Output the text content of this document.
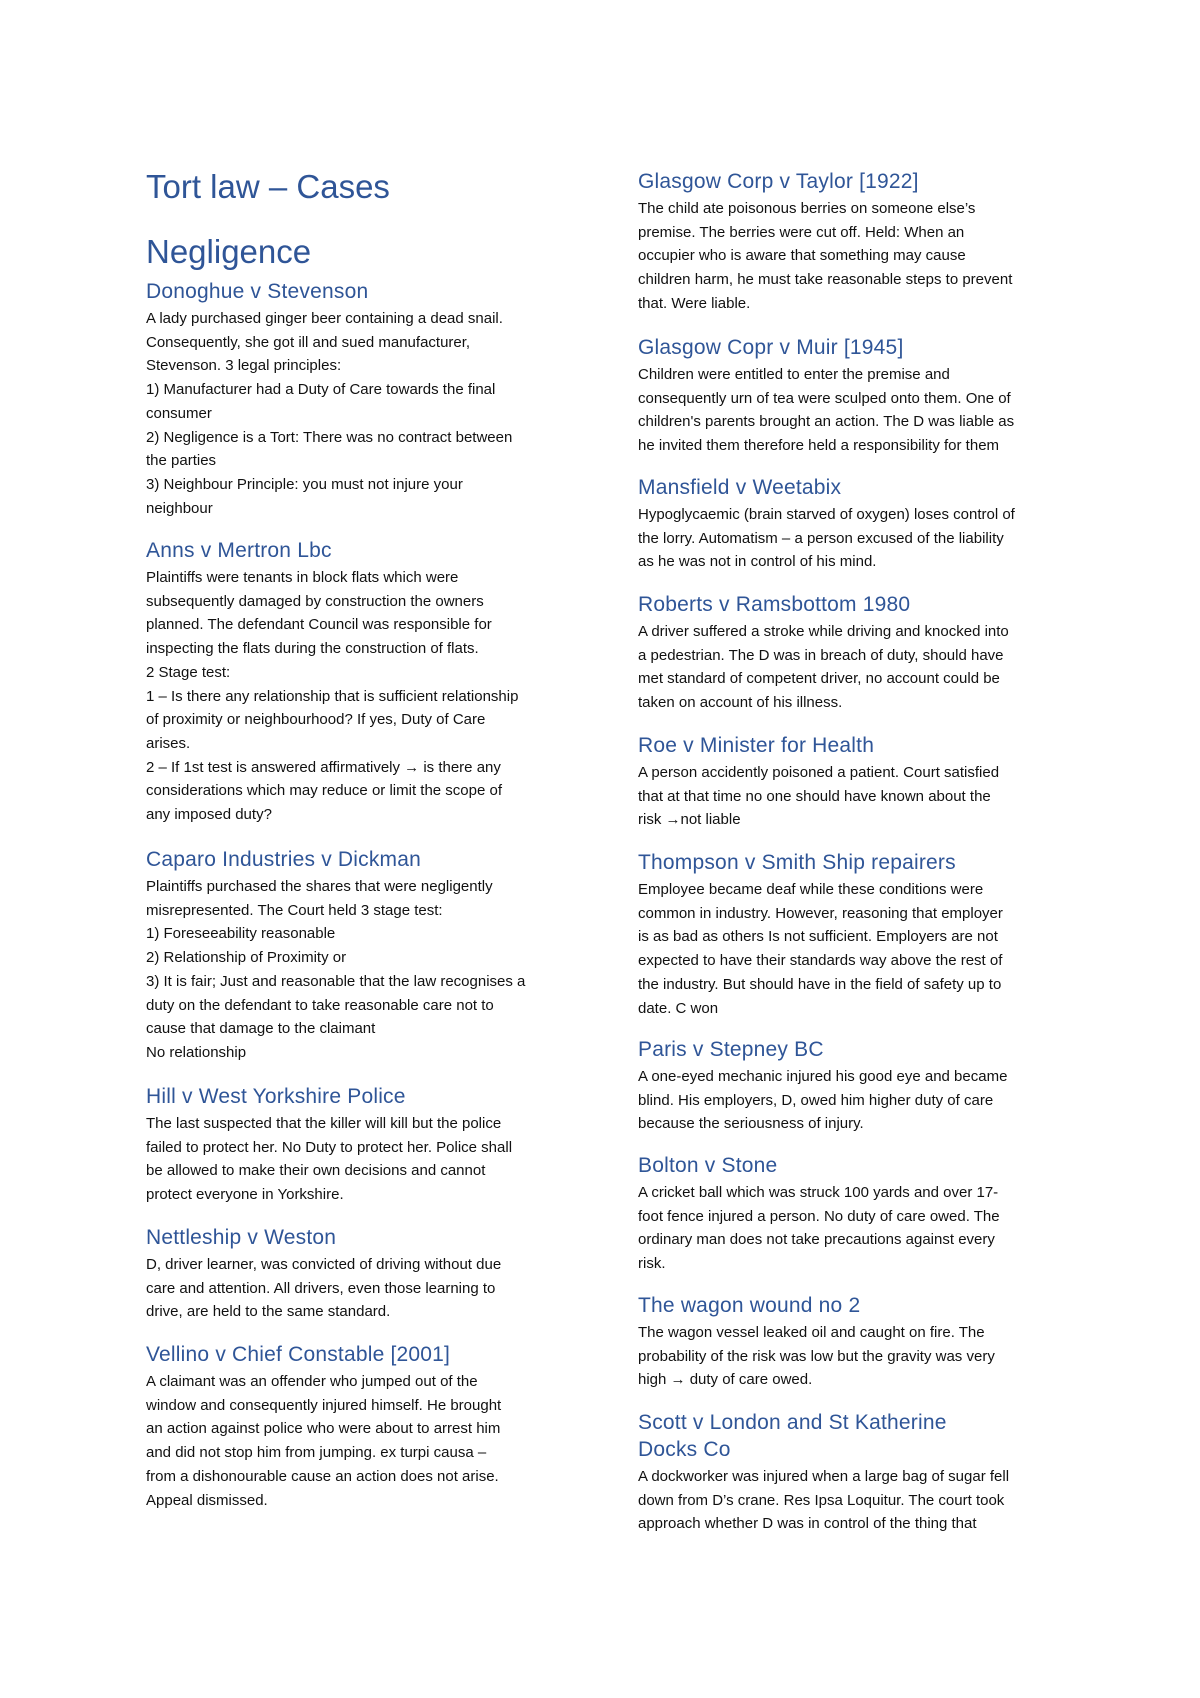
Tort law – Cases
Negligence
Donoghue v Stevenson

A lady purchased ginger beer containing a dead snail.
Consequently, she got ill and sued manufacturer,
Stevenson. 3 legal principles:
1) Manufacturer had a Duty of Care towards the final
consumer
2) Negligence is a Tort: There was no contract between
the parties
3) Neighbour Principle: you must not injure your
neighbour

Anns v Mertron Lbc

Plaintiffs were tenants in block flats which were
subsequently damaged by construction the owners
planned. The defendant Council was responsible for
inspecting the flats during the construction of flats.
2 Stage test:
1 – Is there any relationship that is sufficient relationship
of proximity or neighbourhood? If yes, Duty of Care
arises.
2 – If 1st test is answered affirmatively → is there any
considerations which may reduce or limit the scope of
any imposed duty?

Caparo Industries v Dickman

Plaintiffs purchased the shares that were negligently
misrepresented. The Court held 3 stage test:
1) Foreseeability reasonable
2) Relationship of Proximity or
3) It is fair; Just and reasonable that the law recognises a
duty on the defendant to take reasonable care not to
cause that damage to the claimant
No relationship

Hill v West Yorkshire Police

The last suspected that the killer will kill but the police
failed to protect her. No Duty to protect her. Police shall
be allowed to make their own decisions and cannot
protect everyone in Yorkshire.

Nettleship v Weston

D, driver learner, was convicted of driving without due
care and attention. All drivers, even those learning to
drive, are held to the same standard.

Vellino v Chief Constable [2001]

A claimant was an offender who jumped out of the
window and consequently injured himself. He brought
an action against police who were about to arrest him
and did not stop him from jumping. ex turpi causa –
from a dishonourable cause an action does not arise.
Appeal dismissed.

Glasgow Corp v Taylor [1922]

The child ate poisonous berries on someone else’s
premise. The berries were cut off. Held: When an
occupier who is aware that something may cause
children harm, he must take reasonable steps to prevent
that. Were liable.

Glasgow Copr v Muir [1945]

Children were entitled to enter the premise and
consequently urn of tea were sculped onto them. One of
children's parents brought an action. The D was liable as
he invited them therefore held a responsibility for them

Mansfield v Weetabix

Hypoglycaemic (brain starved of oxygen) loses control of
the lorry. Automatism – a person excused of the liability
as he was not in control of his mind.

Roberts v Ramsbottom 1980

A driver suffered a stroke while driving and knocked into
a pedestrian. The D was in breach of duty, should have
met standard of competent driver, no account could be
taken on account of his illness.

Roe v Minister for Health

A person accidently poisoned a patient. Court satisfied
that at that time no one should have known about the
risk →not liable

Thompson v Smith Ship repairers

Employee became deaf while these conditions were
common in industry. However, reasoning that employer
is as bad as others Is not sufficient. Employers are not
expected to have their standards way above the rest of
the industry. But should have in the field of safety up to
date. C won

Paris v Stepney BC

A one-eyed mechanic injured his good eye and became
blind. His employers, D, owed him higher duty of care
because the seriousness of injury.

Bolton v Stone

A cricket ball which was struck 100 yards and over 17-
foot fence injured a person. No duty of care owed. The
ordinary man does not take precautions against every
risk.

The wagon wound no 2

The wagon vessel leaked oil and caught on fire. The
probability of the risk was low but the gravity was very
high → duty of care owed.

Scott v London and St Katherine
Docks Co

A dockworker was injured when a large bag of sugar fell
down from D’s crane. Res Ipsa Loquitur. The court took
approach whether D was in control of the thing that
